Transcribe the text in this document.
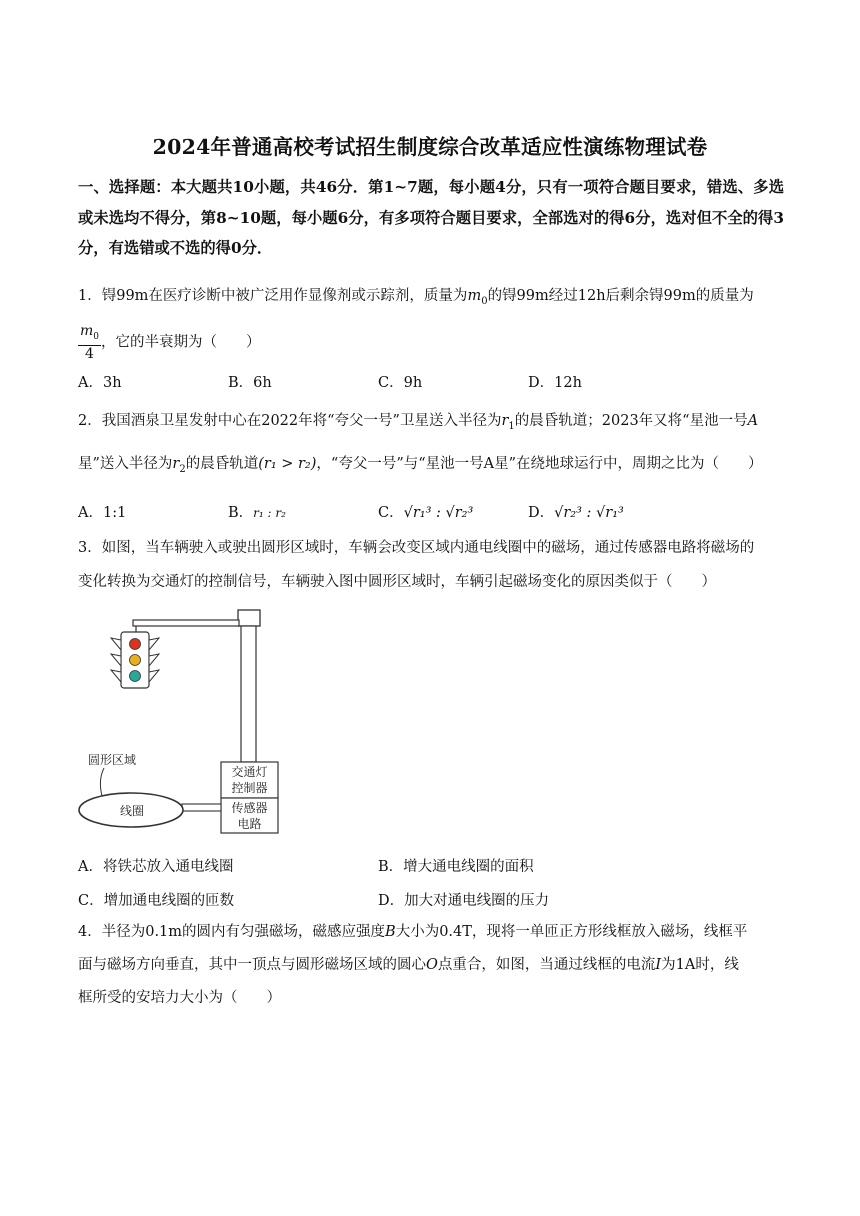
2024年普通高校考试招生制度综合改革适应性演练物理试卷
一、选择题：本大题共10小题，共46分．第1~7题，每小题4分，只有一项符合题目要求，错选、多选或未选均不得分，第8~10题，每小题6分，有多项符合题目要求，全部选对的得6分，选对但不全的得3分，有选错或不选的得0分．
1．锝99m在医疗诊断中被广泛用作显像剂或示踪剂，质量为$m_0$的锝99m经过12h后剩余锝99m的质量为
$\frac{m_0}{4}$ ，它的半衰期为（　　）
A．3h	B．6h	C．9h	D．12h
2．我国酒泉卫星发射中心在2022年将“夸父一号”卫星送入半径为$r_1$的晨昏轨道；2023年又将“星池一号A
星”送入半径为$r_2$的晨昏轨道(r₁ > r₂)，“夸父一号”与“星池一号A星”在绕地球运行中，周期之比为（　　）
A．1:1	B．r₁ : r₂	C．√r₁³ : √r₂³	D．√r₂³ : √r₁³
3．如图，当车辆驶入或驶出圆形区域时，车辆会改变区域内通电线圈中的磁场，通过传感器电路将磁场的
变化转换为交通灯的控制信号，车辆驶入图中圆形区域时，车辆引起磁场变化的原因类似于（　　）
交通灯
控制器
传感器
电路
线圈
圆形区域
A．将铁芯放入通电线圈	B．增大通电线圈的面积
C．增加通电线圈的匝数	D．加大对通电线圈的压力
4．半径为0.1m的圆内有匀强磁场，磁感应强度B大小为0.4T，现将一单匝正方形线框放入磁场，线框平
面与磁场方向垂直，其中一顶点与圆形磁场区域的圆心O点重合，如图，当通过线框的电流I为1A时，线
框所受的安培力大小为（　　）
